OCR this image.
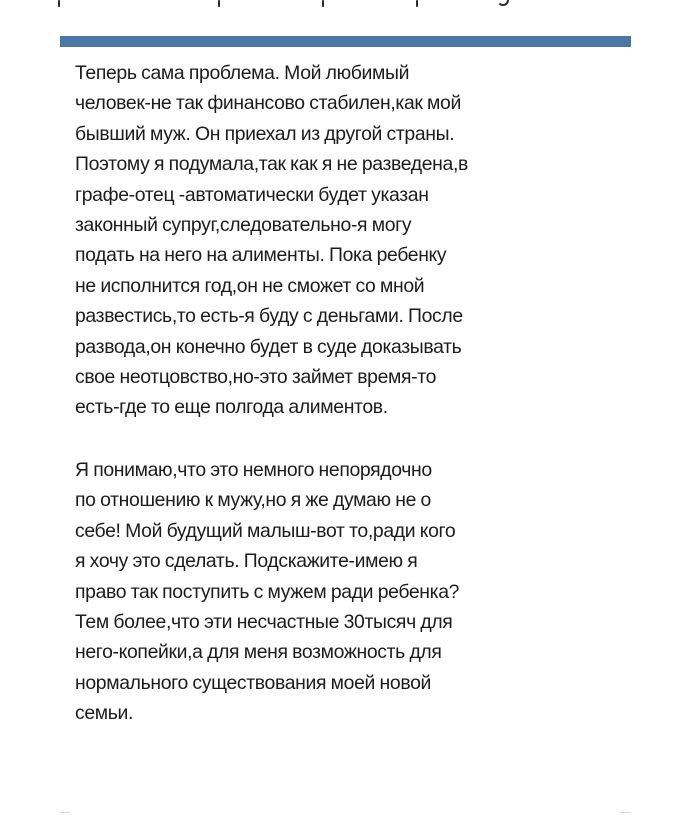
Теперь сама проблема. Мой любимый
человек-не так финансово стабилен,как мой
бывший муж. Он приехал из другой страны.
Поэтому я подумала,так как я не разведена,в
графе-отец -автоматически будет указан
законный супруг,следовательно-я могу
подать на него на алименты. Пока ребенку
не исполнится год,он не сможет со мной
развестись,то есть-я буду с деньгами. После
развода,он конечно будет в суде доказывать
свое неотцовство,но-это займет время-то
есть-где то еще полгода алиментов.

Я понимаю,что это немного непорядочно
по отношению к мужу,но я же думаю не о
себе! Мой будущий малыш-вот то,ради кого
я хочу это сделать. Подскажите-имею я
право так поступить с мужем ради ребенка?
Тем более,что эти несчастные 30тысяч для
него-копейки,а для меня возможность для
нормального существования моей новой
семьи.
